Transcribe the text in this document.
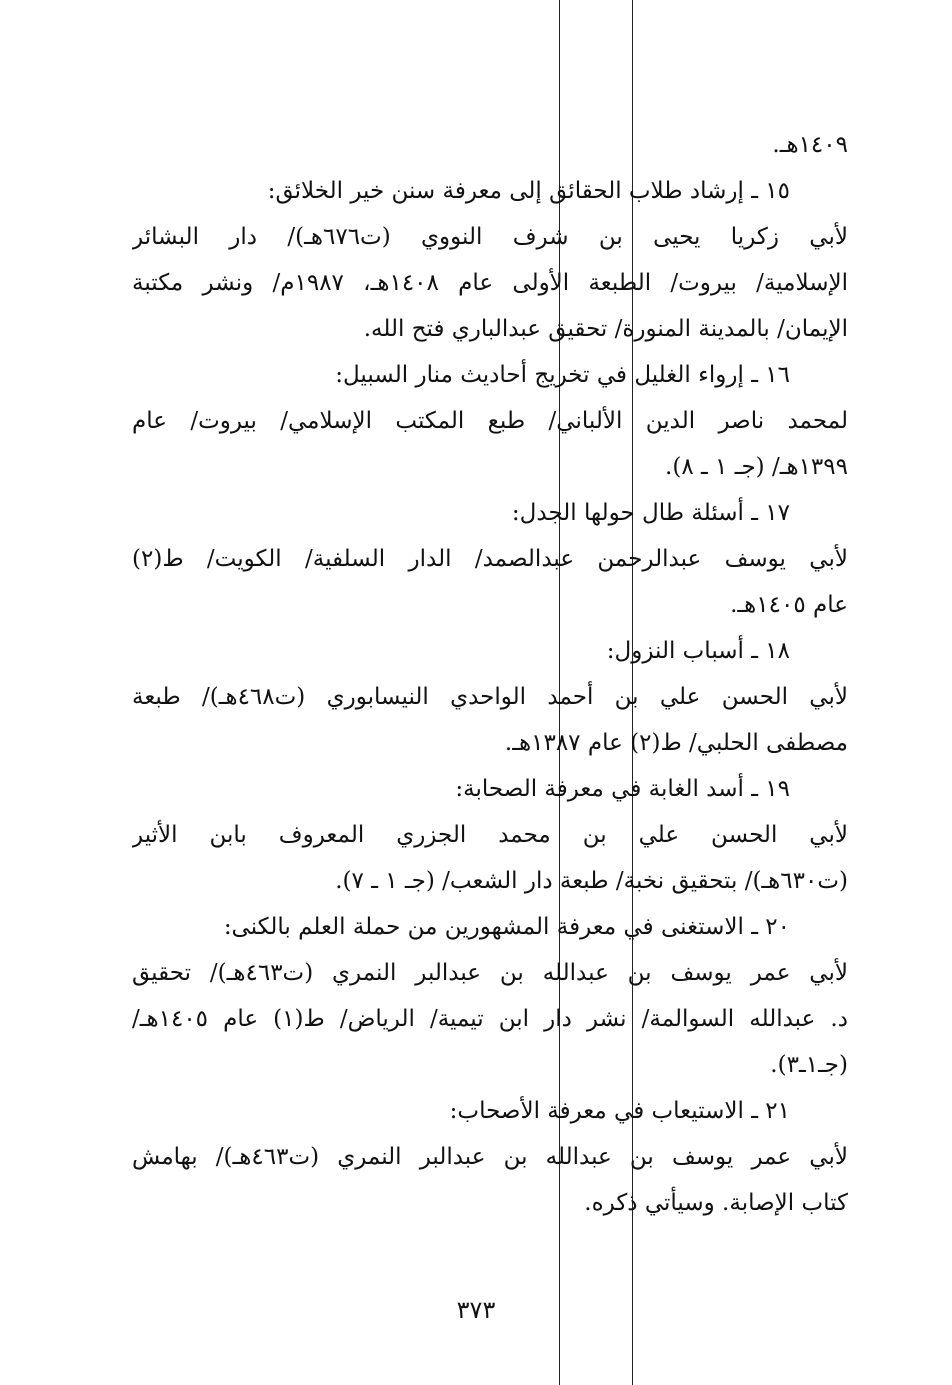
١٤٠٩هـ.
١٥ ـ إرشاد طلاب الحقائق إلى معرفة سنن خير الخلائق:
لأبي زكريا يحيى بن شرف النووي (ت٦٧٦هـ)/ دار البشائر
الإسلامية/ بيروت/ الطبعة الأولى عام ١٤٠٨هـ، ١٩٨٧م/ ونشر مكتبة
الإيمان/ بالمدينة المنورة/ تحقيق عبدالباري فتح الله.
١٦ ـ إرواء الغليل في تخريج أحاديث منار السبيل:
لمحمد ناصر الدين الألباني/ طبع المكتب الإسلامي/ بيروت/ عام
١٣٩٩هـ/ (جـ ١ ـ ٨).
١٧ ـ أسئلة طال حولها الجدل:
لأبي يوسف عبدالرحمن عبدالصمد/ الدار السلفية/ الكويت/ ط(٢)
عام ١٤٠٥هـ.
١٨ ـ أسباب النزول:
لأبي الحسن علي بن أحمد الواحدي النيسابوري (ت٤٦٨هـ)/ طبعة
مصطفى الحلبي/ ط(٢) عام ١٣٨٧هـ.
١٩ ـ أسد الغابة في معرفة الصحابة:
لأبي الحسن علي بن محمد الجزري المعروف بابن الأثير
(ت٦٣٠هـ)/ بتحقيق نخبة/ طبعة دار الشعب/ (جـ ١ ـ ٧).
٢٠ ـ الاستغنى في معرفة المشهورين من حملة العلم بالكنى:
لأبي عمر يوسف بن عبدالله بن عبدالبر النمري (ت٤٦٣هـ)/ تحقيق
د. عبدالله السوالمة/ نشر دار ابن تيمية/ الرياض/ ط(١) عام ١٤٠٥هـ/
(جـ١ـ٣).
٢١ ـ الاستيعاب في معرفة الأصحاب:
لأبي عمر يوسف بن عبدالله بن عبدالبر النمري (ت٤٦٣هـ)/ بهامش
كتاب الإصابة. وسيأتي ذكره.
٣٧٣
